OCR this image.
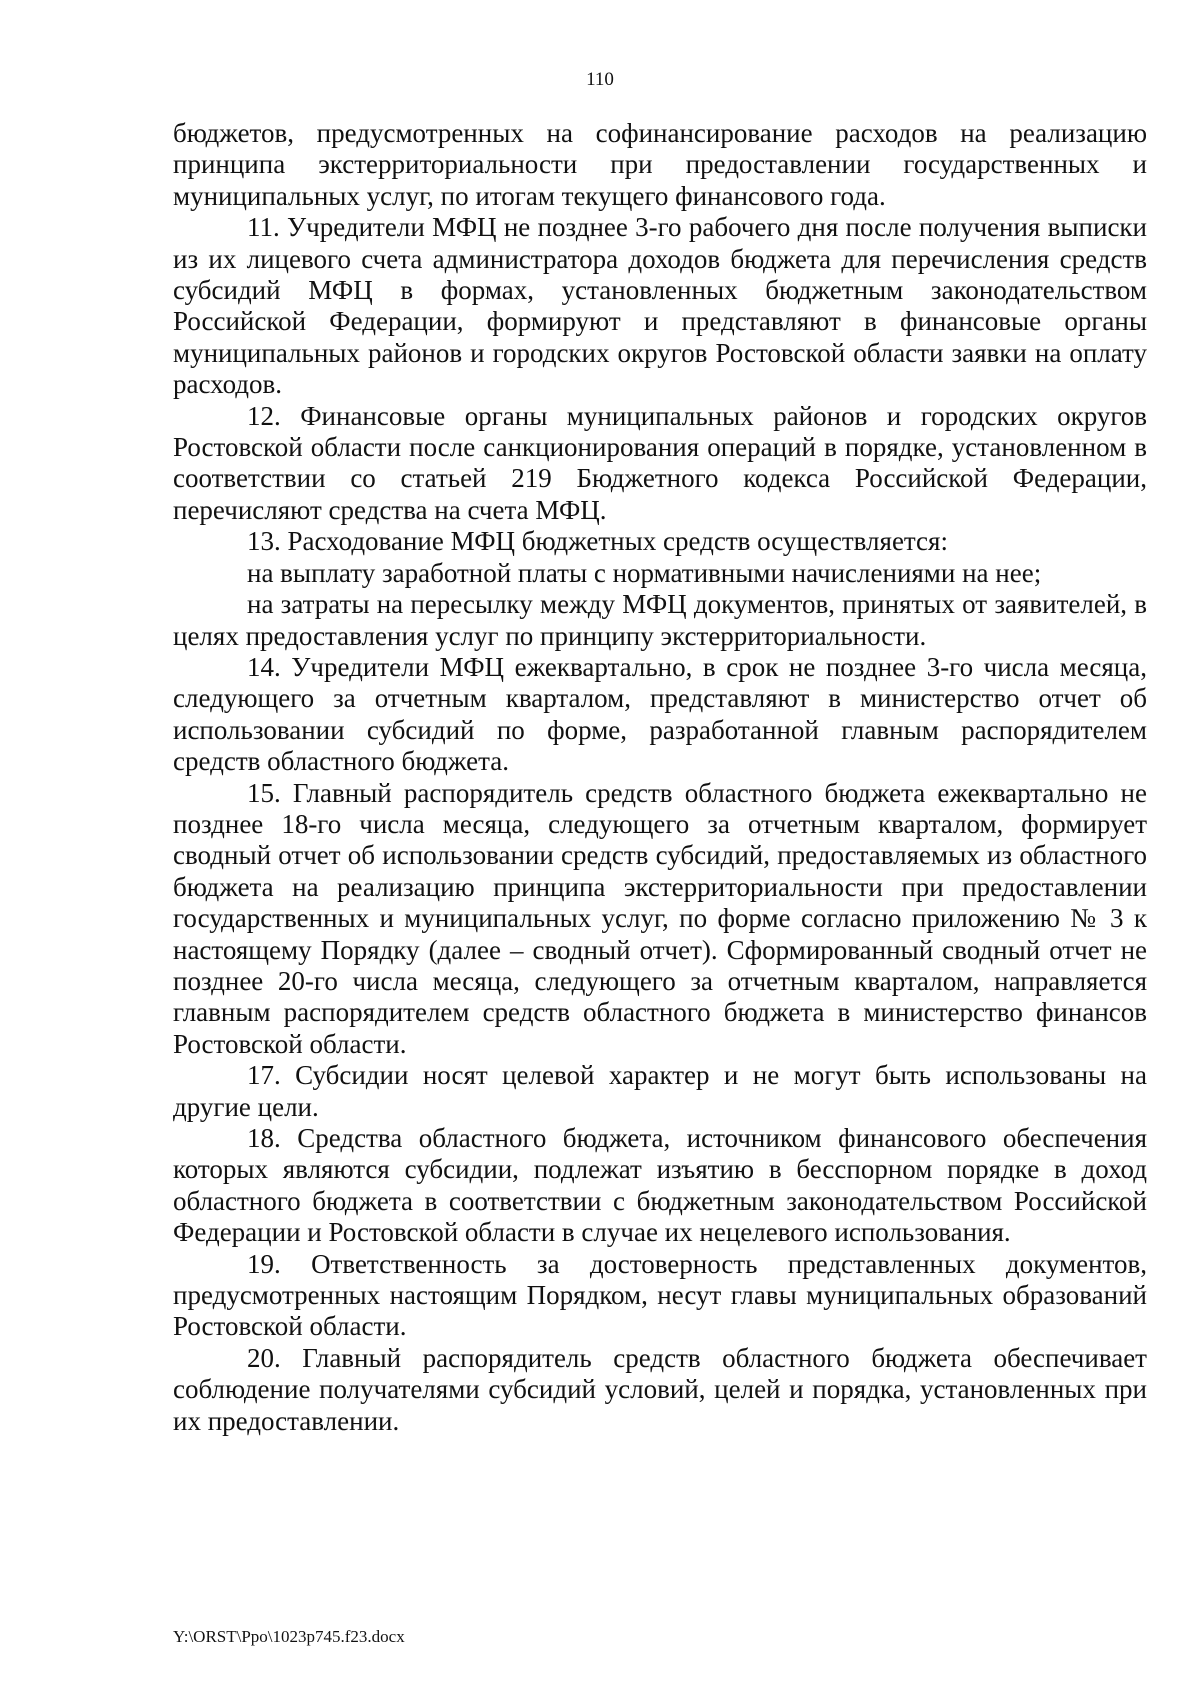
110

бюджетов, предусмотренных на софинансирование расходов на реализацию принципа экстерриториальности при предоставлении государственных и муниципальных услуг, по итогам текущего финансового года.

11. Учредители МФЦ не позднее 3-го рабочего дня после получения выписки из их лицевого счета администратора доходов бюджета для перечисления средств субсидий МФЦ в формах, установленных бюджетным законодательством Российской Федерации, формируют и представляют в финансовые органы муниципальных районов и городских округов Ростовской области заявки на оплату расходов.

12. Финансовые органы муниципальных районов и городских округов Ростовской области после санкционирования операций в порядке, установленном в соответствии со статьей 219 Бюджетного кодекса Российской Федерации, перечисляют средства на счета МФЦ.

13. Расходование МФЦ бюджетных средств осуществляется:

на выплату заработной платы с нормативными начислениями на нее;

на затраты на пересылку между МФЦ документов, принятых от заявителей, в целях предоставления услуг по принципу экстерриториальности.

14. Учредители МФЦ ежеквартально, в срок не позднее 3-го числа месяца, следующего за отчетным кварталом, представляют в министерство отчет об использовании субсидий по форме, разработанной главным распорядителем средств областного бюджета.

15. Главный распорядитель средств областного бюджета ежеквартально не позднее 18-го числа месяца, следующего за отчетным кварталом, формирует сводный отчет об использовании средств субсидий, предоставляемых из областного бюджета на реализацию принципа экстерриториальности при предоставлении государственных и муниципальных услуг, по форме согласно приложению № 3 к настоящему Порядку (далее – сводный отчет). Сформированный сводный отчет не позднее 20-го числа месяца, следующего за отчетным кварталом, направляется главным распорядителем средств областного бюджета в министерство финансов Ростовской области.

17. Субсидии носят целевой характер и не могут быть использованы на другие цели.

18. Средства областного бюджета, источником финансового обеспечения которых являются субсидии, подлежат изъятию в бесспорном порядке в доход областного бюджета в соответствии с бюджетным законодательством Российской Федерации и Ростовской области в случае их нецелевого использования.

19. Ответственность за достоверность представленных документов, предусмотренных настоящим Порядком, несут главы муниципальных образований Ростовской области.

20. Главный распорядитель средств областного бюджета обеспечивает соблюдение получателями субсидий условий, целей и порядка, установленных при их предоставлении.

Y:\ORST\Ppo\1023p745.f23.docx
